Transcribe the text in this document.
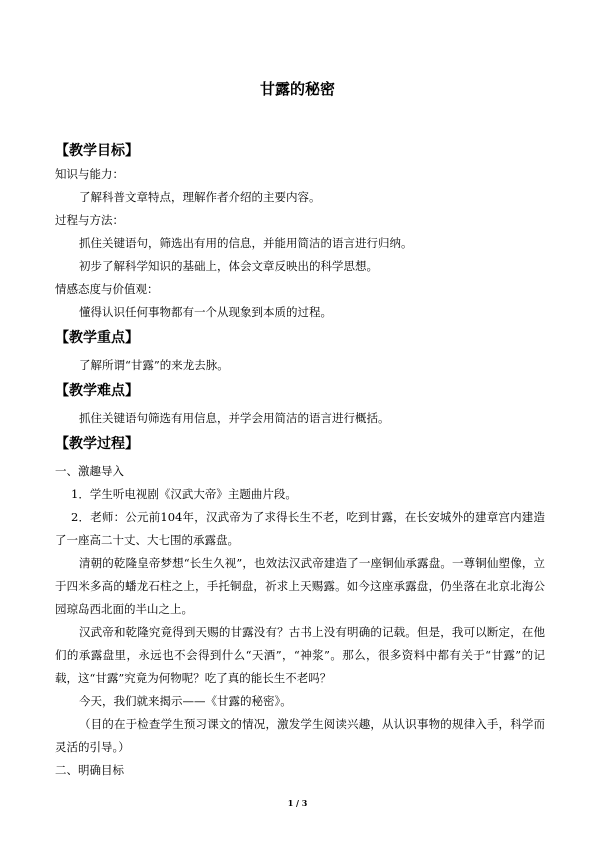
甘露的秘密

【教学目标】

知识与能力：

了解科普文章特点，理解作者介绍的主要内容。

过程与方法：

抓住关键语句，筛选出有用的信息，并能用简洁的语言进行归纳。

初步了解科学知识的基础上，体会文章反映出的科学思想。

情感态度与价值观：

懂得认识任何事物都有一个从现象到本质的过程。

【教学重点】

了解所谓“甘露”的来龙去脉。

【教学难点】

抓住关键语句筛选有用信息，并学会用简洁的语言进行概括。

【教学过程】

一、激趣导入

1．学生听电视剧《汉武大帝》主题曲片段。

2．老师：公元前104年，汉武帝为了求得长生不老，吃到甘露，在长安城外的建章宫内建造了一座高二十丈、大七围的承露盘。

清朝的乾隆皇帝梦想“长生久视”，也效法汉武帝建造了一座铜仙承露盘。一尊铜仙塑像，立于四米多高的蟠龙石柱之上，手托铜盘，祈求上天赐露。如今这座承露盘，仍坐落在北京北海公园琼岛西北面的半山之上。

汉武帝和乾隆究竟得到天赐的甘露没有？古书上没有明确的记载。但是，我可以断定，在他们的承露盘里，永远也不会得到什么“天酒”，“神浆”。那么，很多资料中都有关于“甘露”的记载，这“甘露”究竟为何物呢？吃了真的能长生不老吗？

今天，我们就来揭示——《甘露的秘密》。

（目的在于检查学生预习课文的情况，激发学生阅读兴趣，从认识事物的规律入手，科学而灵活的引导。）

二、明确目标

1 / 3
